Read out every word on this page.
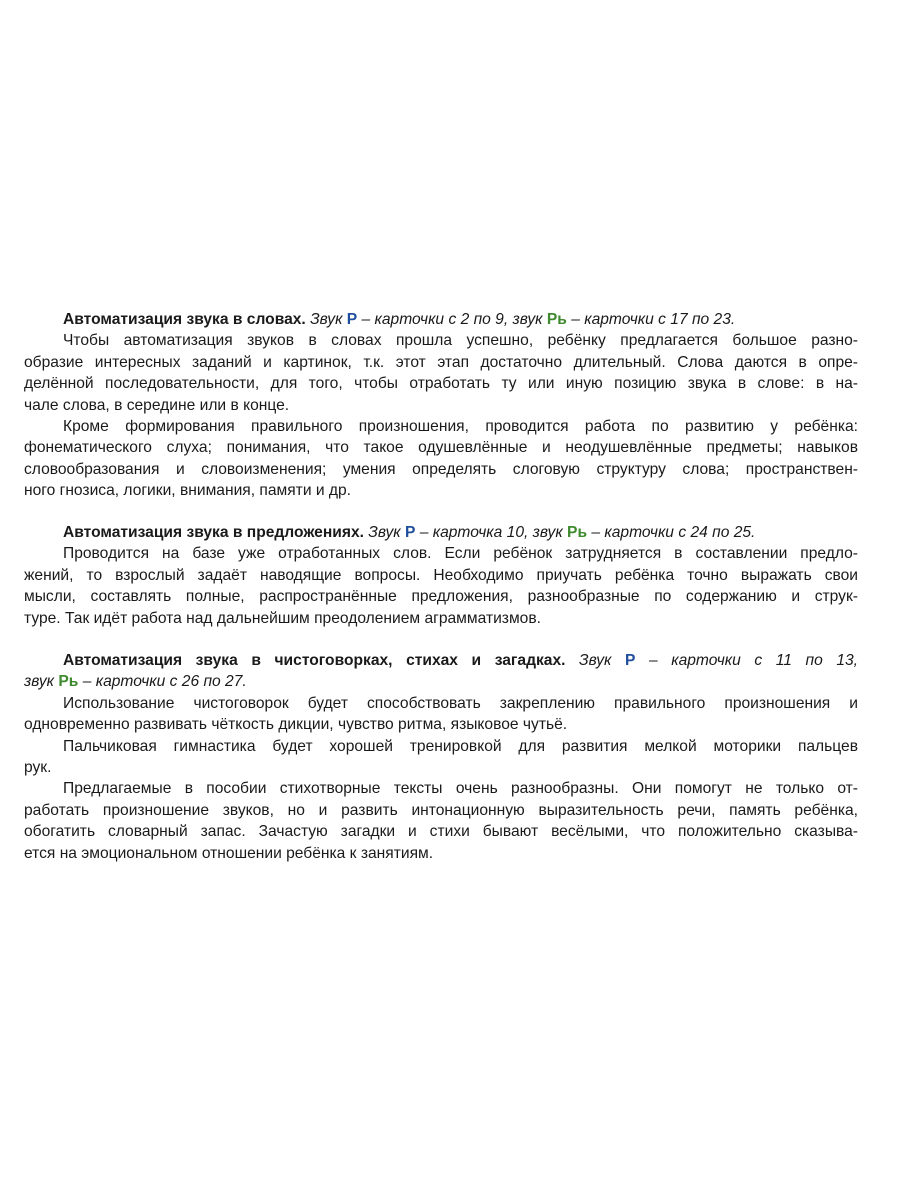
Автоматизация звука в словах. Звук Р – карточки с 2 по 9, звук Рь – карточки с 17 по 23.
Чтобы автоматизация звуков в словах прошла успешно, ребёнку предлагается большое разно-
образие интересных заданий и картинок, т.к. этот этап достаточно длительный. Слова даются в опре-
делённой последовательности, для того, чтобы отработать ту или иную позицию звука в слове: в на-
чале слова, в середине или в конце.
Кроме формирования правильного произношения, проводится работа по развитию у ребёнка:
фонематического слуха; понимания, что такое одушевлённые и неодушевлённые предметы; навыков
словообразования и словоизменения; умения определять слоговую структуру слова; пространствен-
ного гнозиса, логики, внимания, памяти и др.
Автоматизация звука в предложениях. Звук Р – карточка 10, звук Рь – карточки с 24 по 25.
Проводится на базе уже отработанных слов. Если ребёнок затрудняется в составлении предло-
жений, то взрослый задаёт наводящие вопросы. Необходимо приучать ребёнка точно выражать свои
мысли, составлять полные, распространённые предложения, разнообразные по содержанию и струк-
туре. Так идёт работа над дальнейшим преодолением аграмматизмов.
Автоматизация звука в чистоговорках, стихах и загадках. Звук Р – карточки с 11 по 13,
звук Рь – карточки с 26 по 27.
Использование чистоговорок будет способствовать закреплению правильного произношения и
одновременно развивать чёткость дикции, чувство ритма, языковое чутьё.
Пальчиковая гимнастика будет хорошей тренировкой для развития мелкой моторики пальцев
рук.
Предлагаемые в пособии стихотворные тексты очень разнообразны. Они помогут не только от-
работать произношение звуков, но и развить интонационную выразительность речи, память ребёнка,
обогатить словарный запас. Зачастую загадки и стихи бывают весёлыми, что положительно сказыва-
ется на эмоциональном отношении ребёнка к занятиям.
